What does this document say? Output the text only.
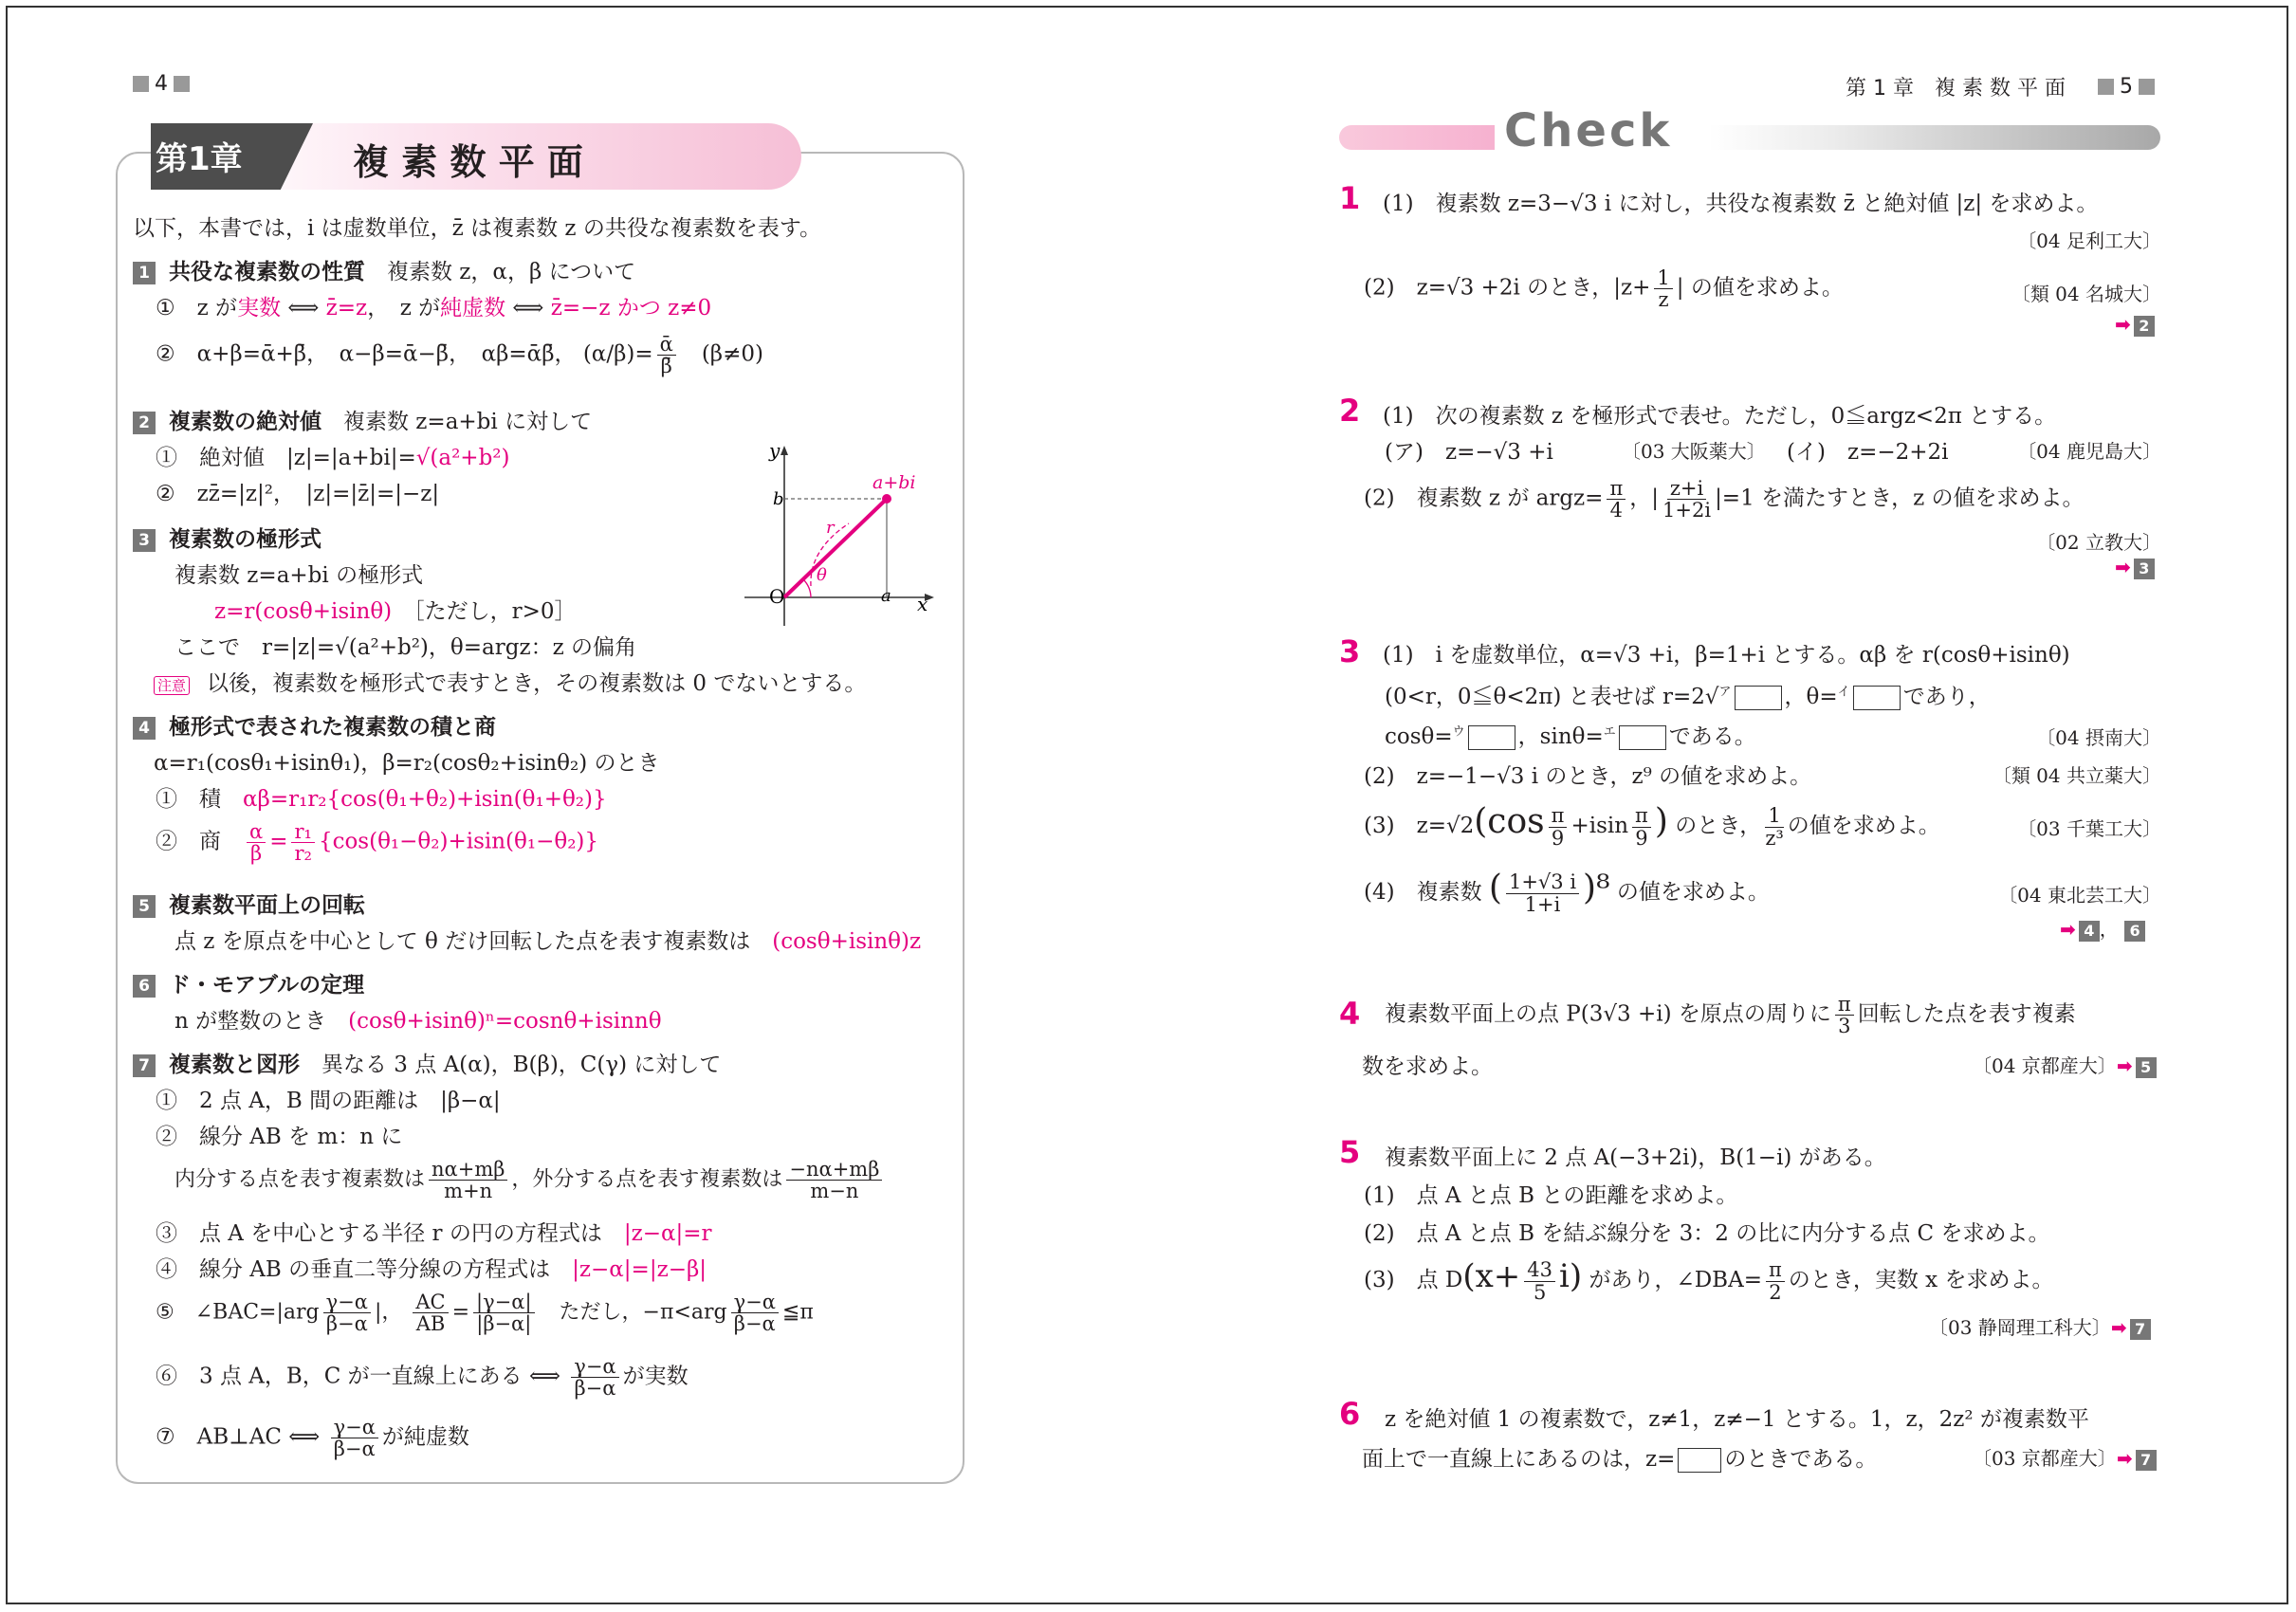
4
第1章	複 素 数 平 面
以下，本書では，i は虚数単位，z̄ は複素数 z の共役な複素数を表す。
1 共役な複素数の性質　 複素数 z，α，β について
①　z が実数 ⟺ z̄=z，　z が純虚数 ⟺ z̄=−z かつ z≠0
②　α+β=ᾱ+β̄，　α−β=ᾱ−β̄，　αβ=ᾱβ̄， $(\alpha/\beta)= \frac{\text{ᾱ}}{\betā}$
　 (β≠0)
2 複素数の絶対値　 複素数 z=a+bi に対して
①　絶対値　|z|=|a+bi|=√(a²+b²)
②　zz̄=|z|²，　|z|=|z̄|=|−z|
3 複素数の極形式
複素数 z=a+bi の極形式
z=r(cosθ+isinθ)　 ［ただし，r>0］
ここで　r=|z|=√(a²+b²)，θ=argz：z の偏角
注意 以後，複素数を極形式で表すとき，その複素数は 0 でないとする。
y
x
O
b
a
a+bi
r
θ
4 極形式で表された複素数の積と商
α=r₁(cosθ₁+isinθ₁)，β=r₂(cosθ₂+isinθ₂) のとき
①　積　 αβ=r₁r₂{cos(θ₁+θ₂)+isin(θ₁+θ₂)}
②　商　 $\frac{\alpha}{\beta} = \frac{\text{r₁}}{\text{r₂}} \{\cos(\theta_1-\theta_2)+isin(\theta_1-\theta_2)\}$
5 複素数平面上の回転
点 z を原点を中心として θ だけ回転した点を表す複素数は　 (cosθ+isinθ)z
6 ド・モアブルの定理
n が整数のとき　 (cosθ+isinθ)ⁿ=cosnθ+isinnθ
7 複素数と図形　 異なる 3 点 A(α)，B(β)，C(γ) に対して
①　2 点 A，B 間の距離は　|β−α|
②　線分 AB を m：n に
内分する点を表す複素数は $\frac{n\alpha+m\beta}{m+n}$ ，外分する点を表す複素数は $\frac{-n\alpha+m\beta}{m-n}$
③　点 A を中心とする半径 r の円の方程式は　 |z−α|=r
④　線分 AB の垂直二等分線の方程式は　 |z−α|=|z−β|
⑤　∠BAC=|arg $\frac{\gamma-\alpha}{\beta-\alpha}$ |， $\frac{AC}{AB} = \frac{|\gamma-\alpha|}{|\beta-\alpha|}$
　 ただし，$-\pi<arg \frac{\gamma-\alpha}{\beta-\alpha}$ ≦π
⑥　3 点 A，B，C が一直線上にある ⟺ $\frac{\gamma-\alpha}{\beta-\alpha}$ が実数
⑦　AB⊥AC ⟺ $\frac{\gamma-\alpha}{\beta-\alpha}$ が純虚数
第 1 章　複 素 数 平 面
　	5
Check
1 (1)　複素数 z=3−√3 i に対し，共役な複素数 z̄ と絶対値 |z| を求めよ。
〔04 足利工大〕
(2)　z=√3 +2i のとき，$|z+ \frac{1}{z}$ | の値を求めよ。	〔類 04 名城大〕
➡ 2
2 (1)　次の複素数 z を極形式で表せ。ただし，0≦argz<2π とする。
(ア)　z=−√3 +i	〔03 大阪薬大〕 (イ)　z=−2+2i	〔04 鹿児島大〕
(2)　複素数 z が argz= $\frac{\pi}{4}$ ，| $\frac{z+i}{1+2i} |=1$ を満たすとき，z の値を求めよ。
〔02 立教大〕
➡ 3
3 (1)　i を虚数単位，α=√3 +i，β=1+i とする。αβ を r(cosθ+isinθ)
(0<r，0≦θ<2π) と表せば r=2√$^ア$ ，θ=$^イ$ であり，
cosθ=$^ウ$ ，sinθ=$^エ$ である。	〔04 摂南大〕
(2)　z=−1−√3 i のとき，z⁹ の値を求めよ。	〔類 04 共立薬大〕
(3)　$z=√2(\cos \frac{\pi}{9} +isin \frac{\pi}{9}$ ) のとき， $\frac{1}{\text{z³}}$ の値を求めよ。	〔03 千葉工大〕
(4)　複素数 ( $\frac{1+√3 i}{1+i} )^8$ の値を求めよ。	〔04 東北芸工大〕
➡ 4 ， 6
4 複素数平面上の点 P(3√3 +i) を原点の周りに $\frac{\pi}{3}$ 回転した点を表す複素
数を求めよ。	〔04 京都産大〕➡ 5
5 複素数平面上に 2 点 A(−3+2i)，B(1−i) がある。
(1)　点 A と点 B との距離を求めよ。
(2)　点 A と点 B を結ぶ線分を 3：2 の比に内分する点 C を求めよ。
(3)　点 $D(x+ \frac{43}{5} i)$ があり，∠DBA= $\frac{\pi}{2}$ のとき，実数 x を求めよ。
〔03 静岡理工科大〕➡ 7
6 z を絶対値 1 の複素数で，z≠1，z≠−1 とする。1，z，2z² が複素数平
面上で一直線上にあるのは，z= のときである。	〔03 京都産大〕➡ 7
